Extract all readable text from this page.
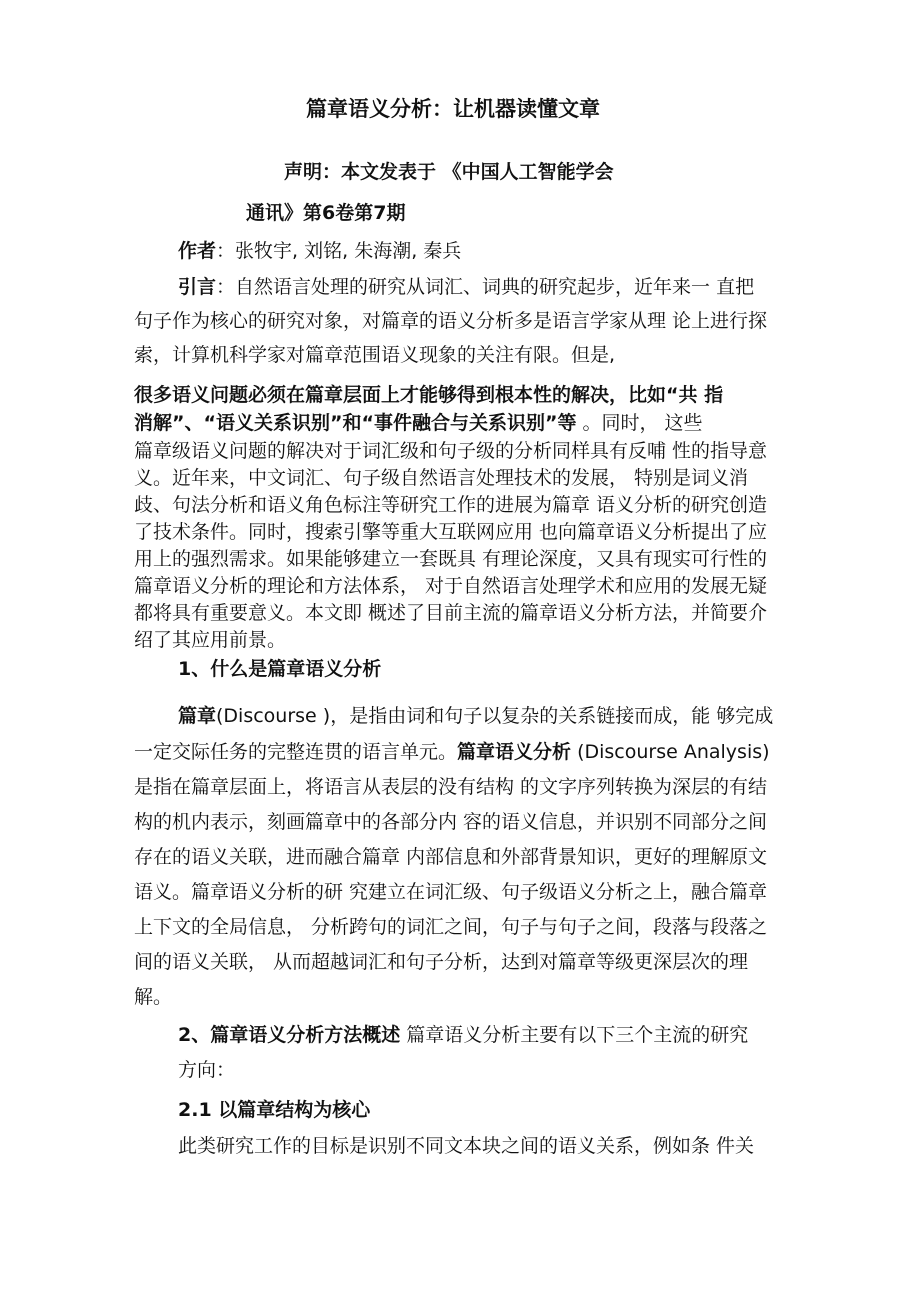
篇章语义分析：让机器读懂文章
声明：本文发表于 《中国人工智能学会
通讯》第6卷第7期
作者：张牧宇, 刘铭, 朱海潮, 秦兵
引言：自然语言处理的研究从词汇、词典的研究起步，近年来一 直把
句子作为核心的研究对象，对篇章的语义分析多是语言学家从理 论上进行探
索，计算机科学家对篇章范围语义现象的关注有限。但是,
很多语义问题必须在篇章层面上才能够得到根本性的解决，比如“共 指
消解”、“语义关系识别”和“事件融合与关系识别”等 。同时， 这些
篇章级语义问题的解决对于词汇级和句子级的分析同样具有反哺 性的指导意
义。近年来，中文词汇、句子级自然语言处理技术的发展， 特别是词义消
歧、句法分析和语义角色标注等研究工作的进展为篇章 语义分析的研究创造
了技术条件。同时，搜索引擎等重大互联网应用 也向篇章语义分析提出了应
用上的强烈需求。如果能够建立一套既具 有理论深度，又具有现实可行性的
篇章语义分析的理论和方法体系， 对于自然语言处理学术和应用的发展无疑
都将具有重要意义。本文即 概述了目前主流的篇章语义分析方法，并简要介
绍了其应用前景。
1、什么是篇章语义分析
篇章(Discourse )，是指由词和句子以复杂的关系链接而成，能 够完成
一定交际任务的完整连贯的语言单元。篇章语义分析 (Discourse Analysis)
是指在篇章层面上，将语言从表层的没有结构 的文字序列转换为深层的有结
构的机内表示，刻画篇章中的各部分内 容的语义信息，并识别不同部分之间
存在的语义关联，进而融合篇章 内部信息和外部背景知识，更好的理解原文
语义。篇章语义分析的研 究建立在词汇级、句子级语义分析之上，融合篇章
上下文的全局信息， 分析跨句的词汇之间，句子与句子之间，段落与段落之
间的语义关联， 从而超越词汇和句子分析，达到对篇章等级更深层次的理
解。
2、篇章语义分析方法概述 篇章语义分析主要有以下三个主流的研究
方向：
2.1 以篇章结构为核心
此类研究工作的目标是识别不同文本块之间的语义关系，例如条 件关
